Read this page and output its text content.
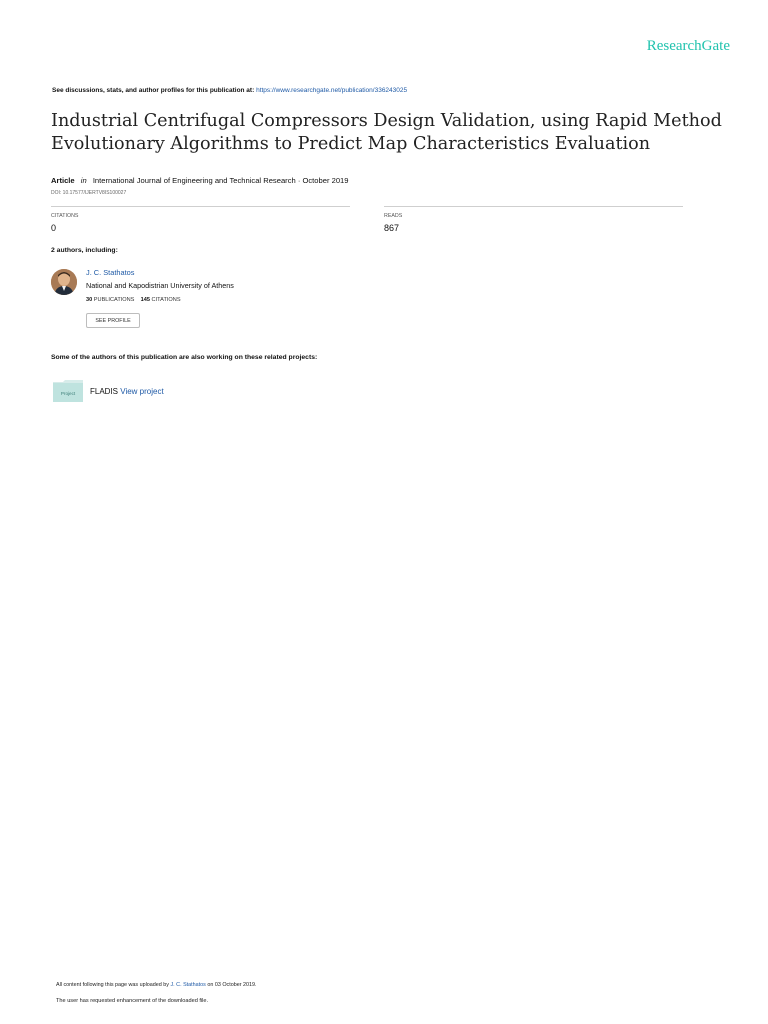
ResearchGate
See discussions, stats, and author profiles for this publication at: https://www.researchgate.net/publication/336243025
Industrial Centrifugal Compressors Design Validation, using Rapid Method
Evolutionary Algorithms to Predict Map Characteristics Evaluation
Article in International Journal of Engineering and Technical Research · October 2019
DOI: 10.17577/IJERTV8IS100027
CITATIONS
0
READS
867
2 authors, including:
J. C. Stathatos
National and Kapodistrian University of Athens
30 PUBLICATIONS 145 CITATIONS
SEE PROFILE
Some of the authors of this publication are also working on these related projects:
Project FLADIS View project
All content following this page was uploaded by J. C. Stathatos on 03 October 2019.
The user has requested enhancement of the downloaded file.
